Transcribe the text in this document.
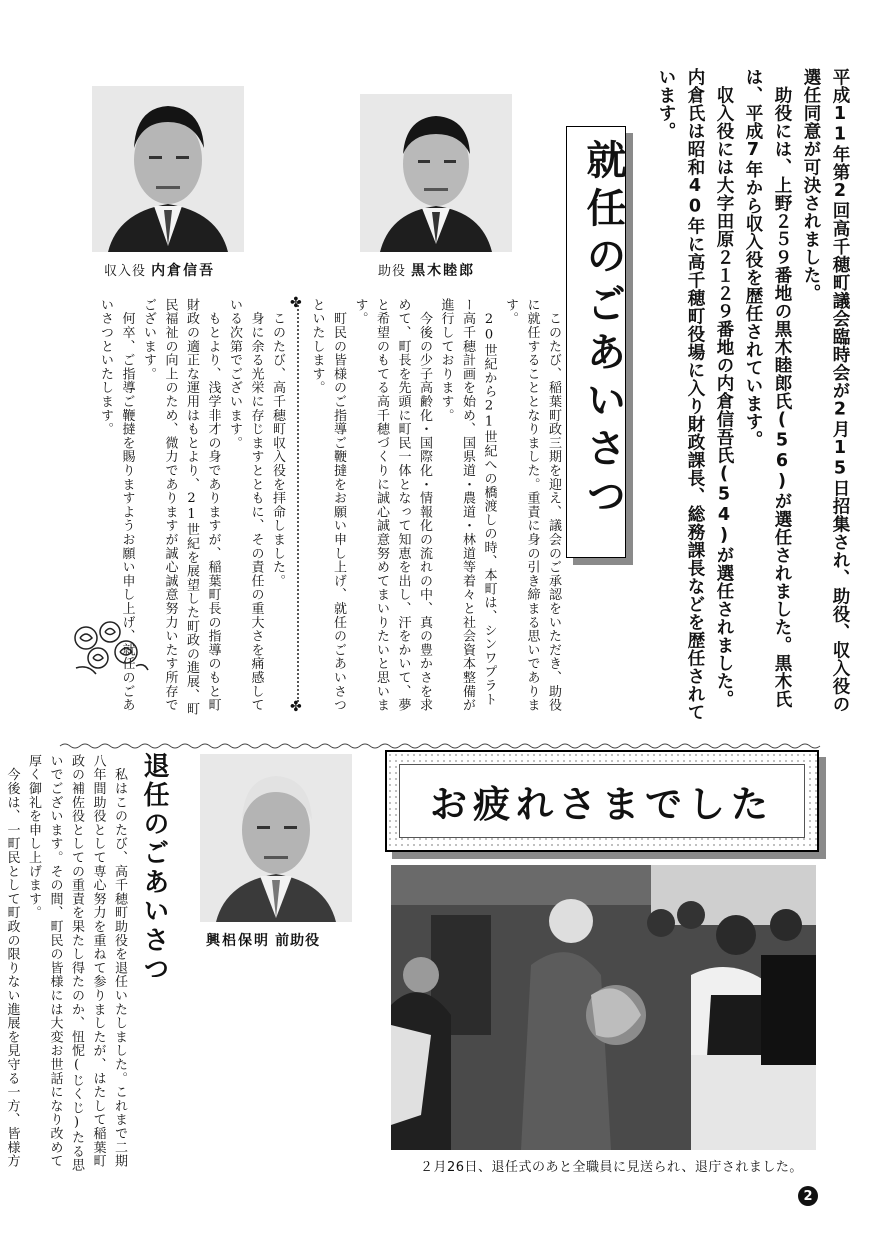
平成11年第2回高千穂町議会臨時会が2月15日招集され、助役、収入役の選任同意が可決されました。
　助役には、上野２５９番地の黒木睦郎氏(56)が選任されました。黒木氏は、平成7年から収入役を歴任されています。
　収入役には大字田原２１２９番地の内倉信吾氏(54)が選任されました。内倉氏は昭和40年に高千穂町役場に入り財政課長、総務課長などを歴任されています。
就任のごあいさつ
助役 黒木睦郎
収入役 内倉信吾
　このたび、稲葉町政三期を迎え、議会のご承認をいただき、助役に就任することとなりました。重責に身の引き締まる思いであります。
　20世紀から21世紀への橋渡しの時、本町は、シンワプラトー高千穂計画を始め、国県道・農道・林道等着々と社会資本整備が進行しております。
　今後の少子高齢化・国際化・情報化の流れの中、真の豊かさを求めて、町長を先頭に町民一体となって知恵を出し、汗をかいて、夢と希望のもてる高千穂づくりに誠心誠意努めてまいりたいと思います。
　町民の皆様のご指導ご鞭撻をお願い申し上げ、就任のごあいさつといたします。
✤
✤
　このたび、高千穂町収入役を拝命しました。
　身に余る光栄に存じますとともに、その責任の重大さを痛感している次第でございます。
　もとより、浅学非才の身でありますが、稲葉町長の指導のもと町財政の適正な運用はもとより、21世紀を展望した町政の進展、町民福祉の向上のため、微力でありますが誠心誠意努力いたす所存でございます。
　何卒、ご指導ご鞭撻を賜りますようお願い申し上げ、就任のごあいさつといたします。
お疲れさまでした
退任のごあいさつ	興梠保明 前助役
　私はこのたび、高千穂町助役を退任いたしました。これまで二期八年間助役として専心努力を重ねて参りましたが、はたして稲葉町政の補佐役としての重責を果たし得たのか、忸怩(じくじ)たる思いでございます。その間、町民の皆様には大変お世話になり改めて厚く御礼を申し上げます。
　今後は、一町民として町政の限りない進展を見守る一方、皆様方	２月26日、退任式のあと全職員に見送られ、退庁されました。
2
